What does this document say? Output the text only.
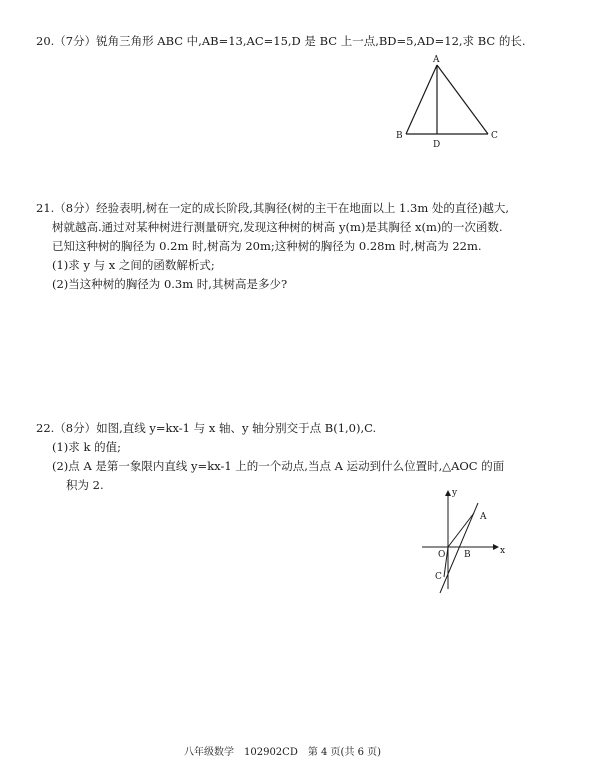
20.（7分）锐角三角形 ABC 中,AB=13,AC=15,D 是 BC 上一点,BD=5,AD=12,求 BC 的长.
A
B	C
D
21.（8分）经验表明,树在一定的成长阶段,其胸径(树的主干在地面以上 1.3m 处的直径)越大,
树就越高.通过对某种树进行测量研究,发现这种树的树高 y(m)是其胸径 x(m)的一次函数.
已知这种树的胸径为 0.2m 时,树高为 20m;这种树的胸径为 0.28m 时,树高为 22m.
(1)求 y 与 x 之间的函数解析式;
(2)当这种树的胸径为 0.3m 时,其树高是多少?
22.（8分）如图,直线 y=kx-1 与 x 轴、y 轴分别交于点 B(1,0),C.
(1)求 k 的值;
(2)点 A 是第一象限内直线 y=kx-1 上的一个动点,当点 A 运动到什么位置时,△AOC 的面
积为 2.
y
x
O B
A
C
八年级数学　102902CD　第 4 页(共 6 页)
